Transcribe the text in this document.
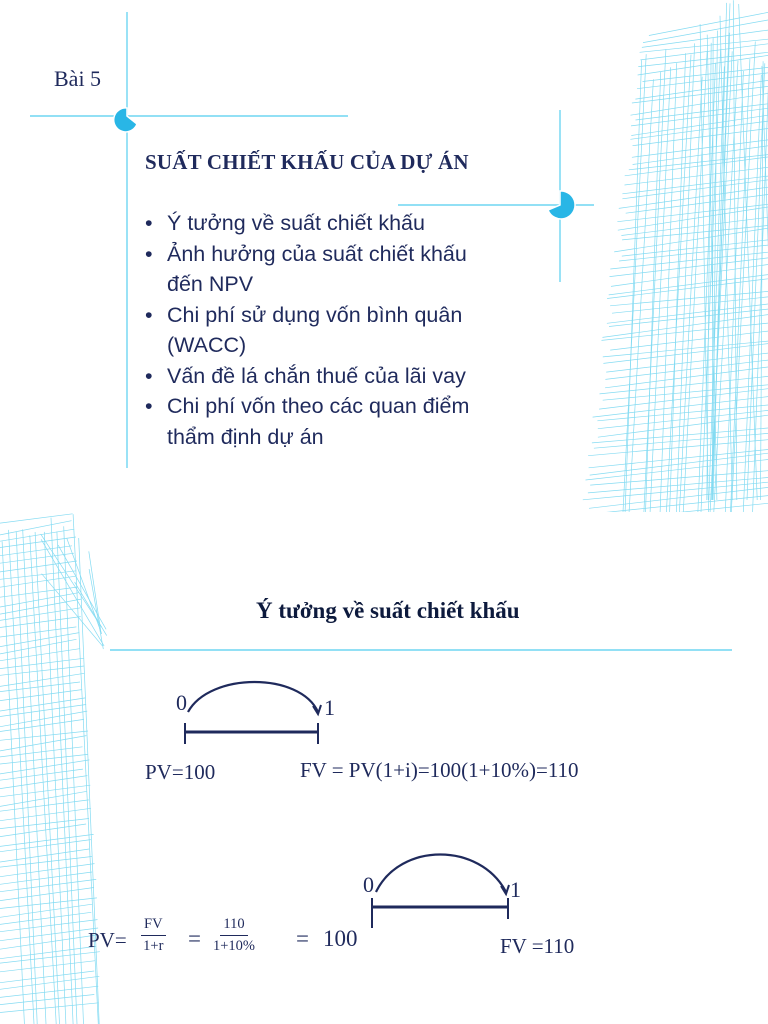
Bài 5

SUẤT CHIẾT KHẤU CỦA DỰ ÁN

• Ý tưởng về suất chiết khấu
• Ảnh hưởng của suất chiết khấu
đến NPV
• Chi phí sử dụng vốn bình quân
(WACC)
• Vấn đề lá chắn thuế của lãi vay
• Chi phí vốn theo các quan điểm
thẩm định dự án

Ý tưởng về suất chiết khấu

0	1
PV=100	FV = PV(1+i)=100(1+10%)=110
0	1
$PV= \frac{FV}{1+r} = \frac{110}{1+10\%} = 100$	FV =110
